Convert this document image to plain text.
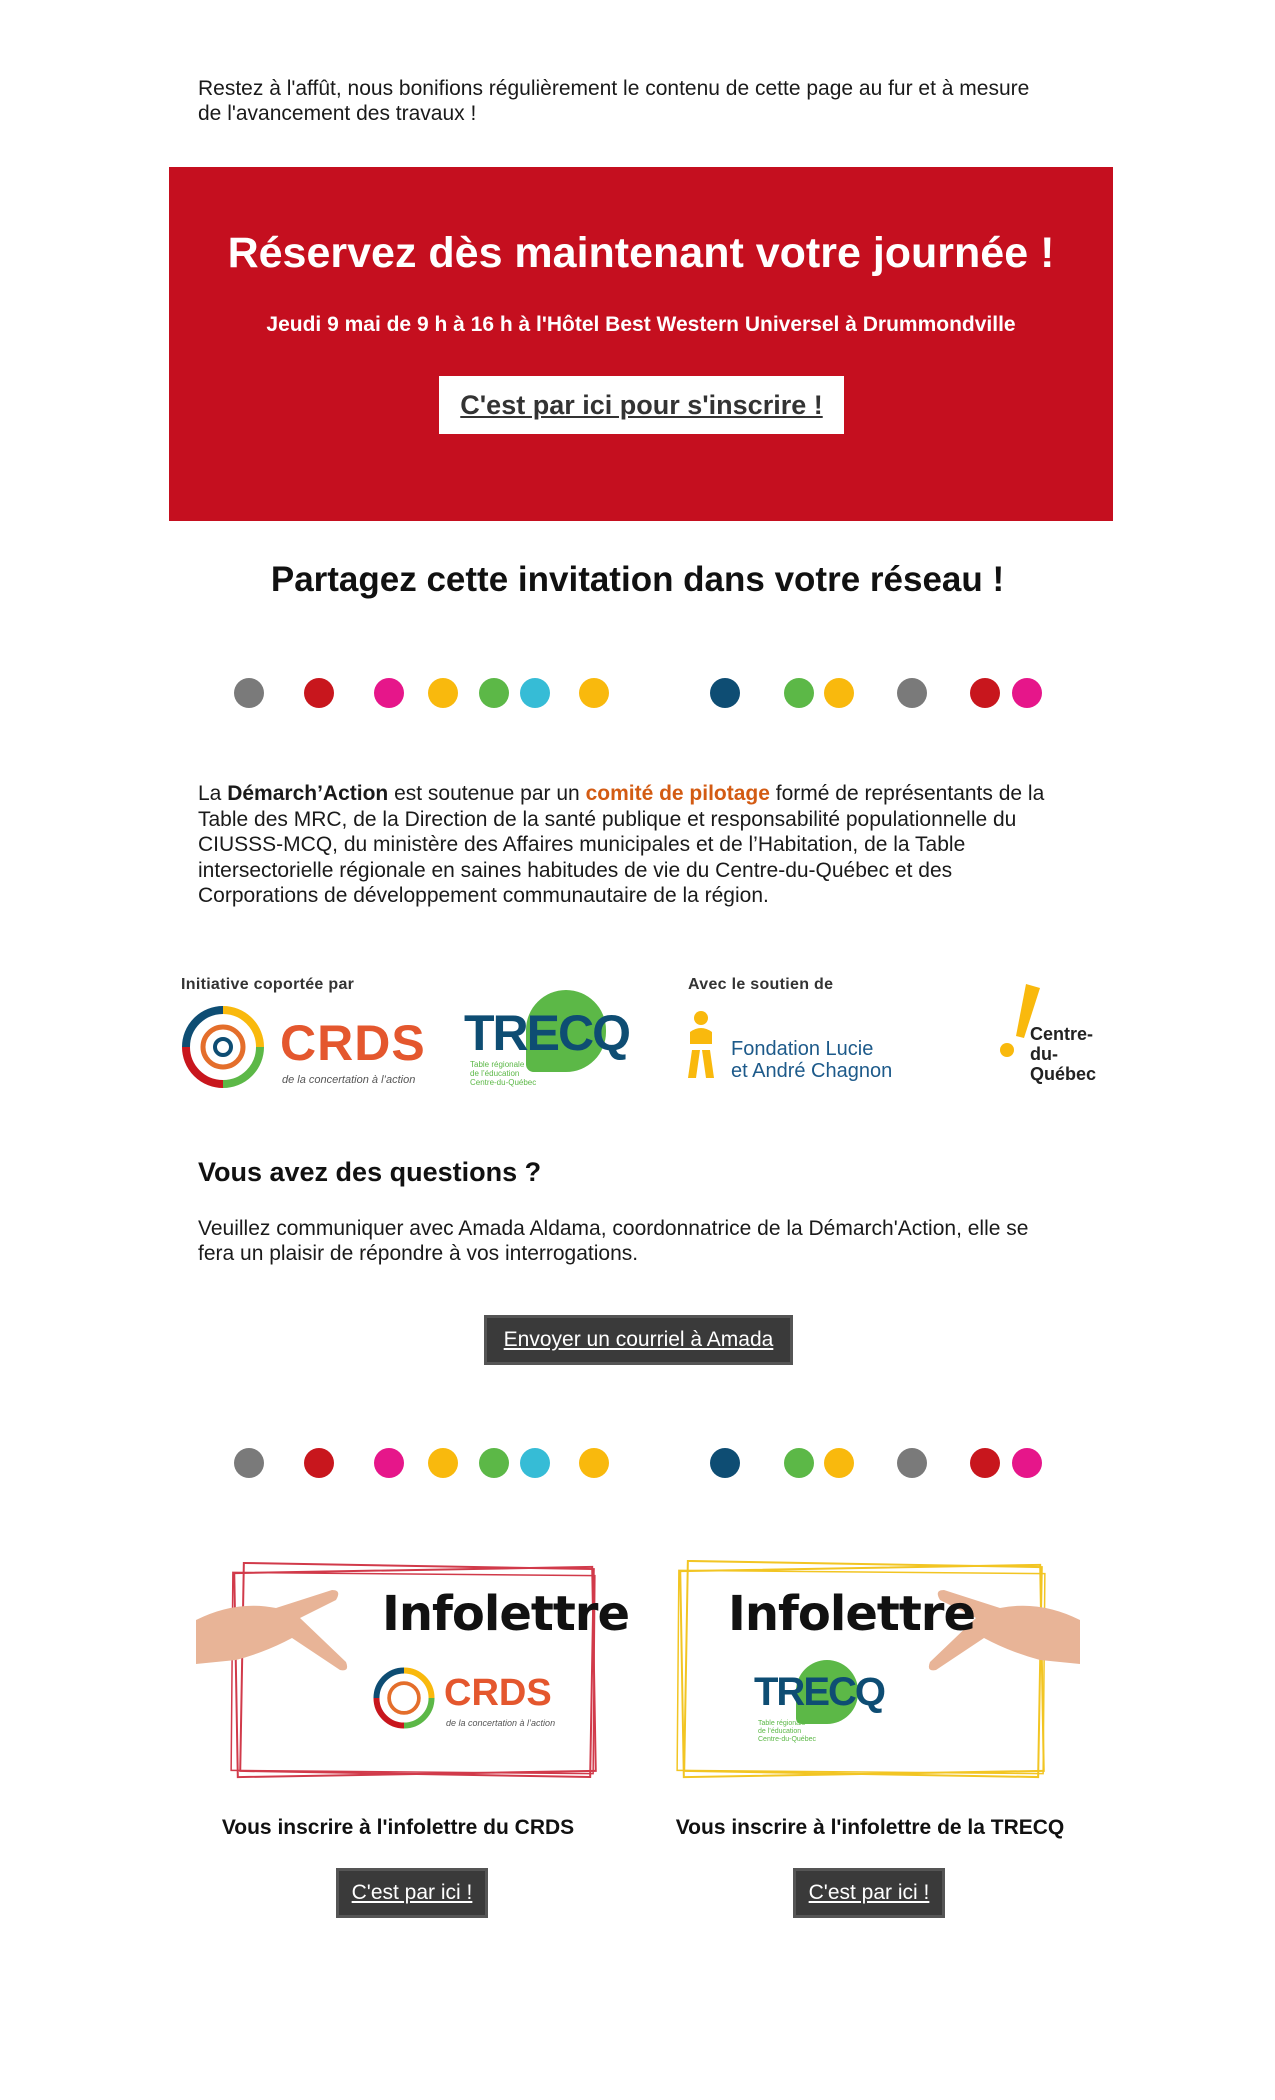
Restez à l'affût, nous bonifions régulièrement le contenu de cette page au fur et à mesure
de l'avancement des travaux !
Réservez dès maintenant votre journée !
Jeudi 9 mai de 9 h à 16 h à l'Hôtel Best Western Universel à Drummondville
C'est par ici pour s'inscrire !
Partagez cette invitation dans votre réseau !
La Démarch’Action est soutenue par un comité de pilotage formé de représentants de la
Table des MRC, de la Direction de la santé publique et responsabilité populationnelle du
CIUSSS-MCQ, du ministère des Affaires municipales et de l’Habitation, de la Table
intersectorielle régionale en saines habitudes de vie du Centre-du-Québec et des
Corporations de développement communautaire de la région.
Initiative coportée par	Avec le soutien de
CRDS
de la concertation à l’action
TRECQ
Table régionale
de l’éducation
Centre-du-Québec
Fondation Lucie
et André Chagnon
Centre-
du-
Québec
Vous avez des questions ?
Veuillez communiquer avec Amada Aldama, coordonnatrice de la Démarch'Action, elle se
fera un plaisir de répondre à vos interrogations.
Envoyer un courriel à Amada
Infolettre
CRDS
de la concertation à l’action
Infolettre
TRECQ
Table régionale
de l’éducation
Centre-du-Québec
Vous inscrire à l'infolettre du CRDS	Vous inscrire à l'infolettre de la TRECQ
C'est par ici !	C'est par ici !
